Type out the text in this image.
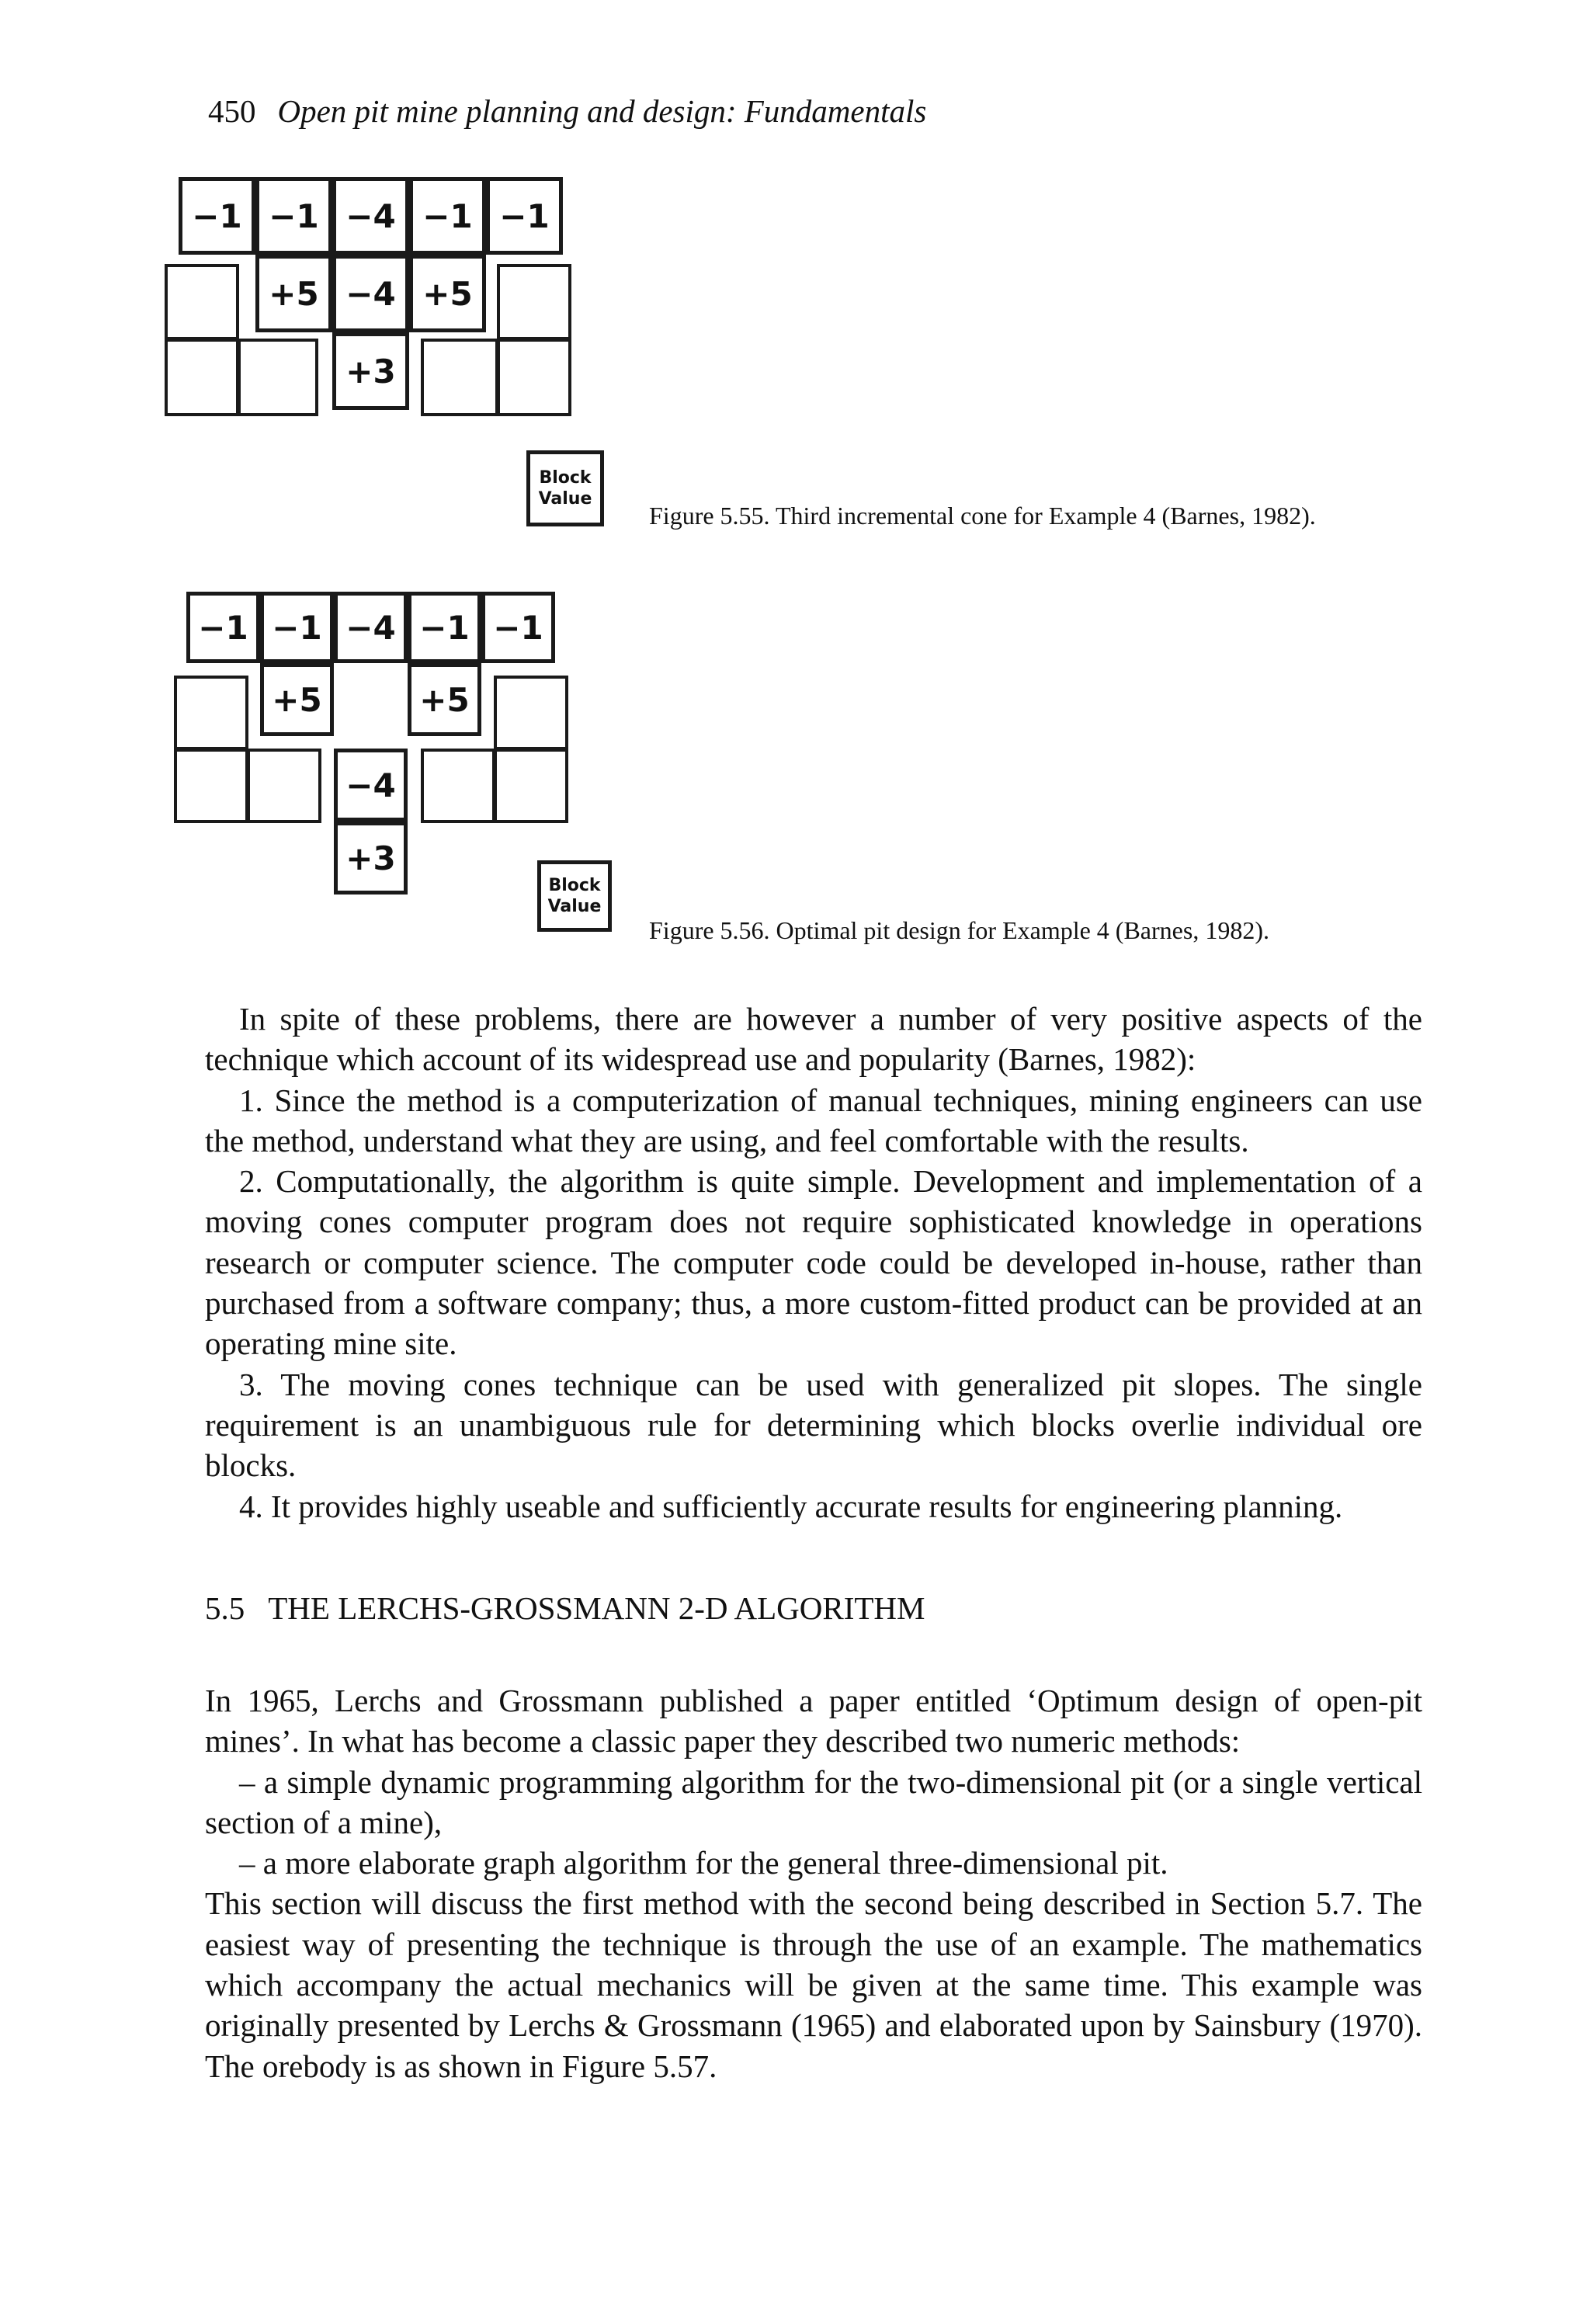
450 Open pit mine planning and design: Fundamentals
−1 −1 −4 −1 −1
+5 −4 +5
+3
Block
Value
Figure 5.55. Third incremental cone for Example 4 (Barnes, 1982).
−1 −1 −4 −1 −1
+5	+5
−4
+3
Block
Value
Figure 5.56. Optimal pit design for Example 4 (Barnes, 1982).

In spite of these problems, there are however a number of very positive aspects of the technique which account of its widespread use and popularity (Barnes, 1982):

1. Since the method is a computerization of manual techniques, mining engineers can use the method, understand what they are using, and feel comfortable with the results.

2. Computationally, the algorithm is quite simple. Development and implementation of a moving cones computer program does not require sophisticated knowledge in operations research or computer science. The computer code could be developed in-house, rather than purchased from a software company; thus, a more custom-fitted product can be provided at an operating mine site.

3. The moving cones technique can be used with generalized pit slopes. The single requirement is an unambiguous rule for determining which blocks overlie individual ore blocks.

4. It provides highly useable and sufficiently accurate results for engineering planning.

5.5 THE LERCHS-GROSSMANN 2-D ALGORITHM

In 1965, Lerchs and Grossmann published a paper entitled ‘Optimum design of open-pit mines’. In what has become a classic paper they described two numeric methods:

– a simple dynamic programming algorithm for the two-dimensional pit (or a single vertical section of a mine),

– a more elaborate graph algorithm for the general three-dimensional pit.

This section will discuss the first method with the second being described in Section 5.7. The easiest way of presenting the technique is through the use of an example. The mathematics which accompany the actual mechanics will be given at the same time. This example was originally presented by Lerchs & Grossmann (1965) and elaborated upon by Sainsbury (1970). The orebody is as shown in Figure 5.57.
